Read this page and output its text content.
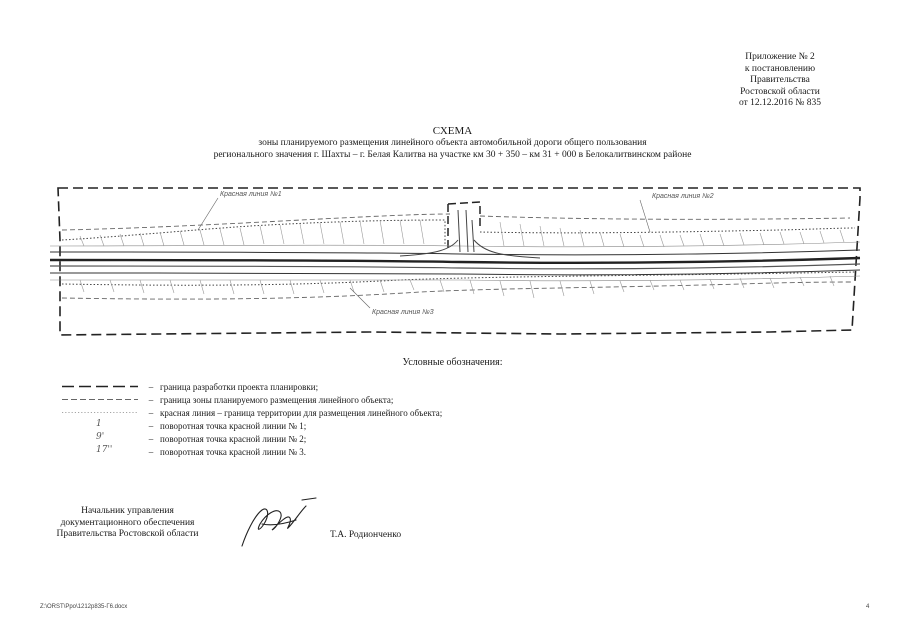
Приложение № 2
к постановлению
Правительства
Ростовской области
от 12.12.2016 № 835
СХЕМА
зоны планируемого размещения линейного объекта автомобильной дороги общего пользования
регионального значения г. Шахты – г. Белая Калитва на участке км 30 + 350 – км 31 + 000 в Белокалитвинском районе
Красная линия №1	Красная линия №2
Красная линия №3
Условные обозначения:
– граница разработки проекта планировки;
– граница зоны планируемого размещения линейного объекта;
– красная линия – граница территории для размещения линейного объекта;
1	– поворотная точка красной линии № 1;
9'	– поворотная точка красной линии № 2;
17''	– поворотная точка красной линии № 3.
Начальник управления
документационного обеспечения
Правительства Ростовской области	Т.А. Родионченко
Z:\ORST\Ppo\1212p835-Г6.docx	4
